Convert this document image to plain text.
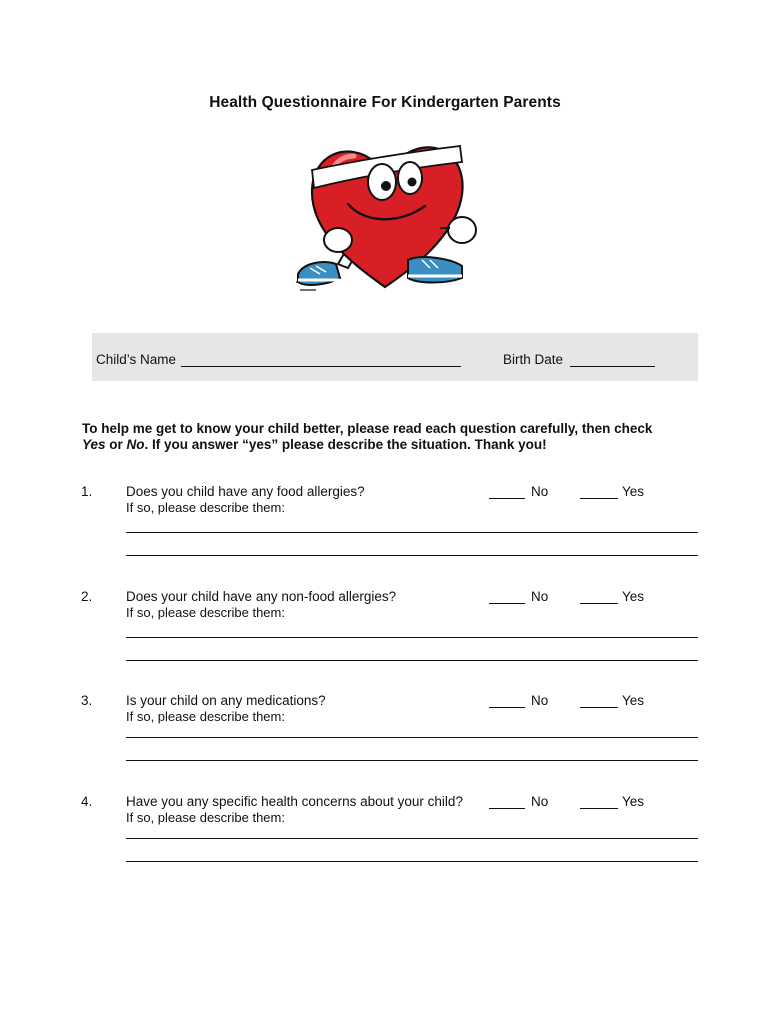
Health Questionnaire For Kindergarten Parents
Child’s Name	Birth Date
To help me get to know your child better, please read each question carefully, then check
Yes or No. If you answer “yes” please describe the situation. Thank you!
1. Does you child have any food allergies?
If so, please describe them:
No	Yes
2. Does your child have any non-food allergies?
If so, please describe them:
No	Yes
3. Is your child on any medications?
If so, please describe them:
No	Yes
4. Have you any specific health concerns about your child?
If so, please describe them:
No	Yes
